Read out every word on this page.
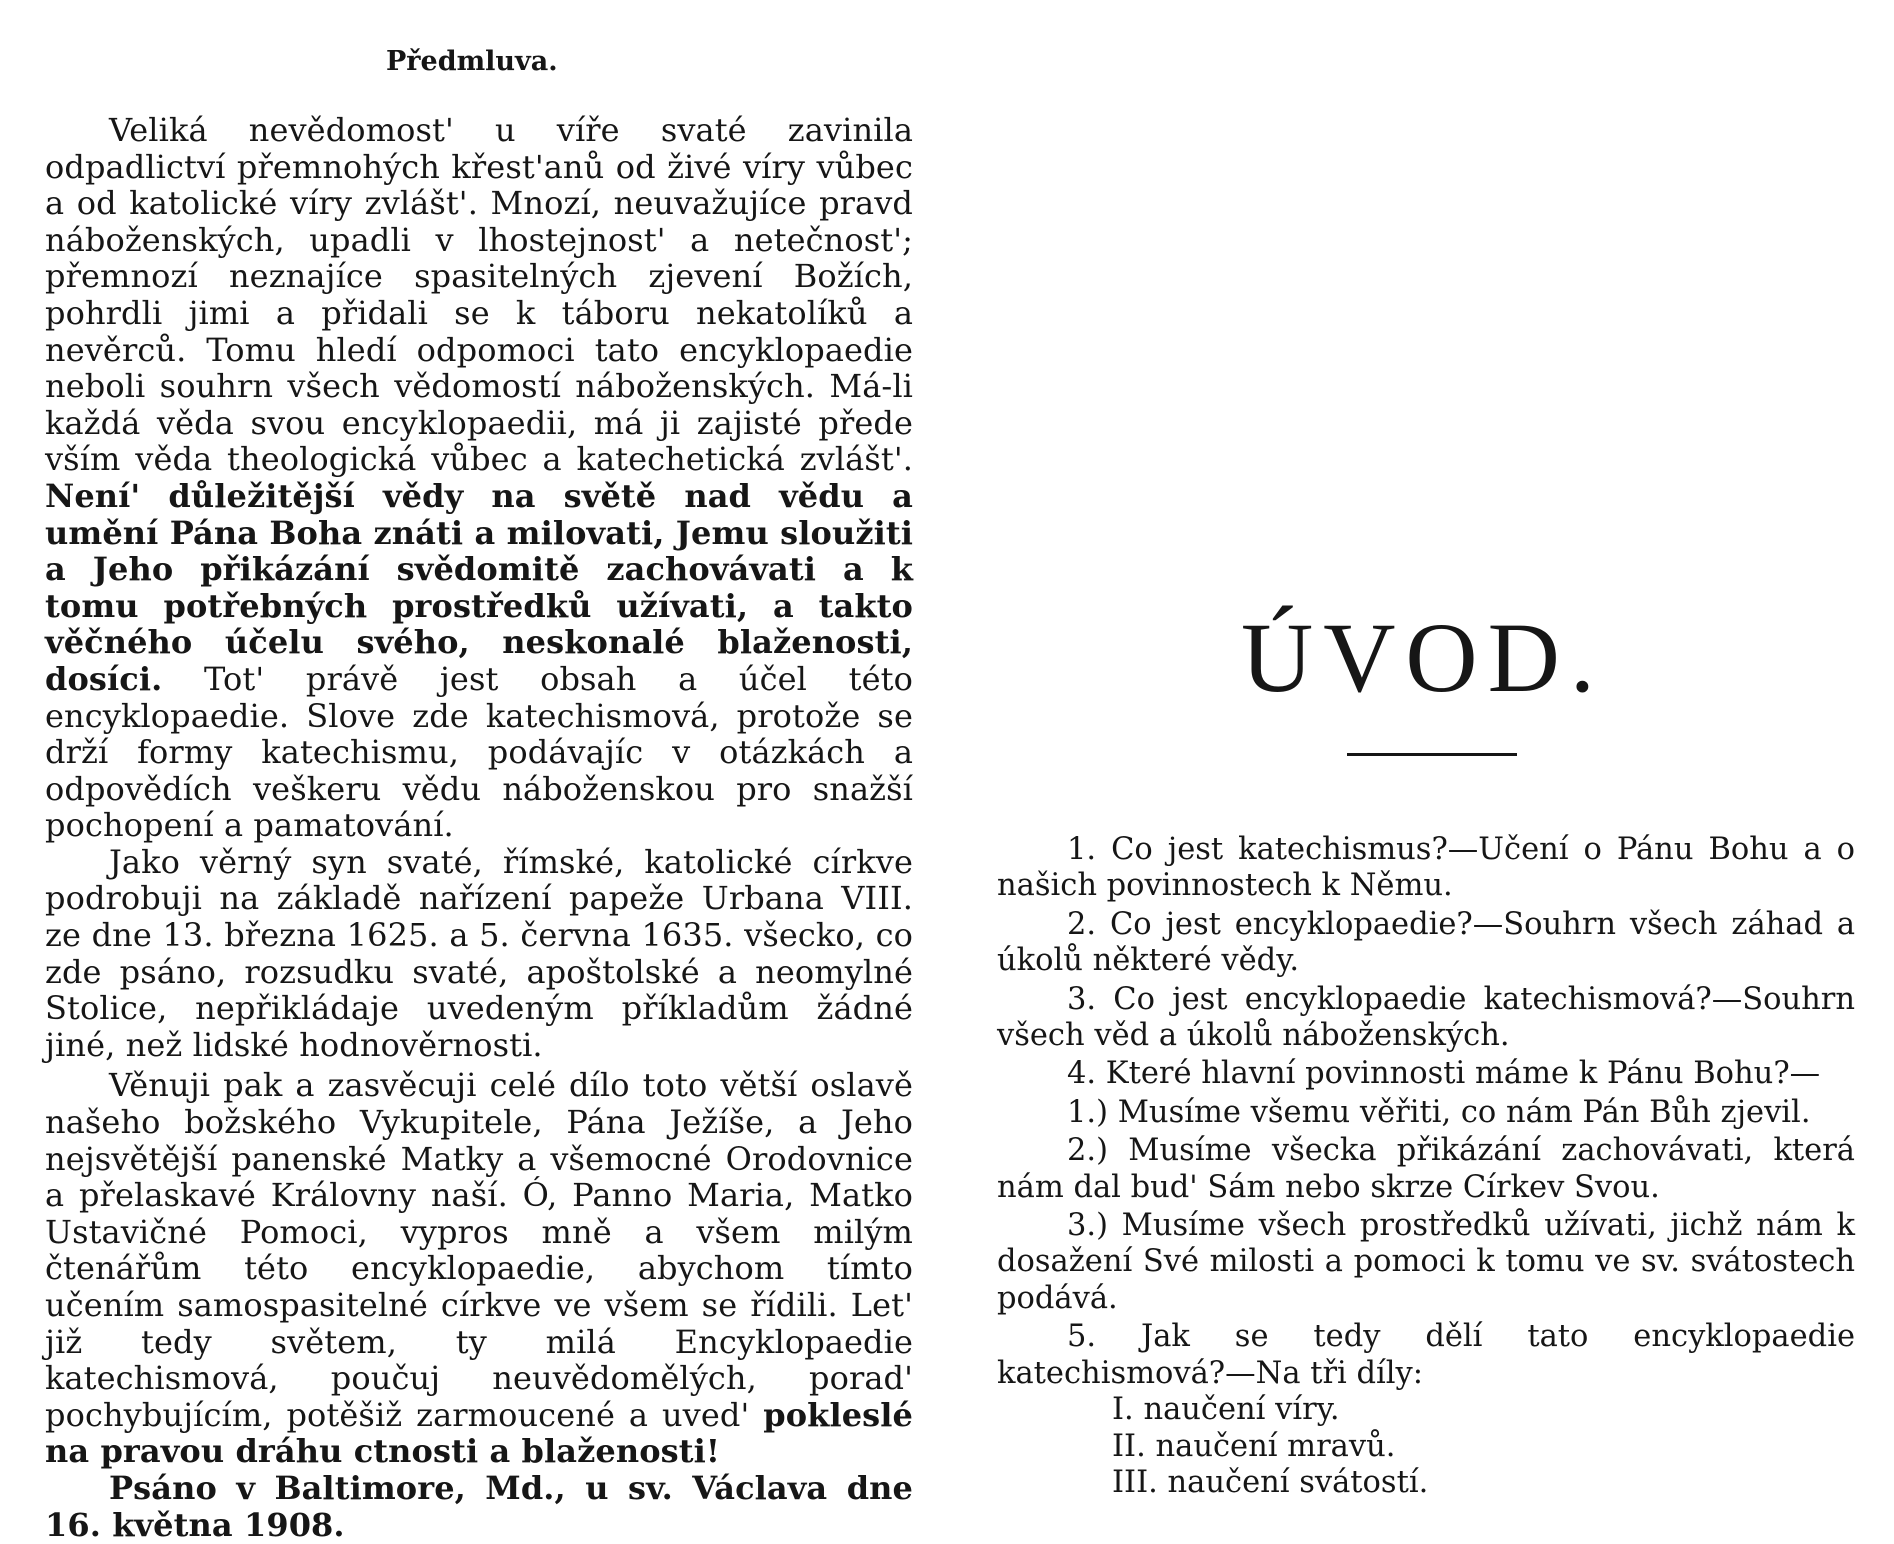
Předmluva.

Veliká nevědomost' u víře svaté zavinila odpadlictví přemnohých křest'anů od živé víry vůbec a od katolické víry zvlášt'. Mnozí, neuvažujíce pravd náboženských, upadli v lhostejnost' a netečnost'; přemnozí neznajíce spasitelných zjevení Božích, pohrdli jimi a přidali se k táboru nekatolíků a nevěrců. Tomu hledí odpomoci tato encyklopaedie neboli souhrn všech vědomostí náboženských. Má-li každá věda svou encyklopaedii, má ji zajisté přede vším věda theologická vůbec a katechetická zvlášt'. Není' důležitější vědy na světě nad vědu a umění Pána Boha znáti a milovati, Jemu sloužiti a Jeho přikázání svědomitě zachovávati a k tomu potřebných prostředků užívati, a takto věčného účelu svého, neskonalé blaženosti, dosíci. Tot' právě jest obsah a účel této encyklopaedie. Slove zde katechismová, protože se drží formy katechismu, podávajíc v otázkách a odpovědích veškeru vědu náboženskou pro snažší pochopení a pamatování.

Jako věrný syn svaté, římské, katolické církve podrobuji na základě nařízení papeže Urbana VIII. ze dne 13. března 1625. a 5. června 1635. všecko, co zde psáno, rozsudku svaté, apoštolské a neomylné Stolice, nepřikládaje uvedeným příkladům žádné jiné, než lidské hodnověrnosti.

Věnuji pak a zasvěcuji celé dílo toto větší oslavě našeho božského Vykupitele, Pána Ježíše, a Jeho nejsvětější panenské Matky a všemocné Orodovnice a přelaskavé Královny naší. Ó, Panno Maria, Matko Ustavičné Pomoci, vypros mně a všem milým čtenářům této encyklopaedie, abychom tímto učením samospasitelné církve ve všem se řídili. Let' již tedy světem, ty milá Encyklopaedie katechismová, poučuj neuvědomělých, porad' pochybujícím, potěšiž zarmoucené a uved' pokleslé na pravou dráhu ctnosti a blaženosti!

Psáno v Baltimore, Md., u sv. Václava dne 16. května 1908.

ÚVOD.

1. Co jest katechismus?—Učení o Pánu Bohu a o našich povinnostech k Němu.

2. Co jest encyklopaedie?—Souhrn všech záhad a úkolů některé vědy.

3. Co jest encyklopaedie katechismová?—Souhrn všech věd a úkolů náboženských.

4. Které hlavní povinnosti máme k Pánu Bohu?—

1.) Musíme všemu věřiti, co nám Pán Bůh zjevil.

2.) Musíme všecka přikázání zachovávati, která nám dal bud' Sám nebo skrze Církev Svou.

3.) Musíme všech prostředků užívati, jichž nám k dosažení Své milosti a pomoci k tomu ve sv. svátostech podává.

5. Jak se tedy dělí tato encyklopaedie katechismová?—Na tři díly:

I. naučení víry.

II. naučení mravů.

III. naučení svátostí.
